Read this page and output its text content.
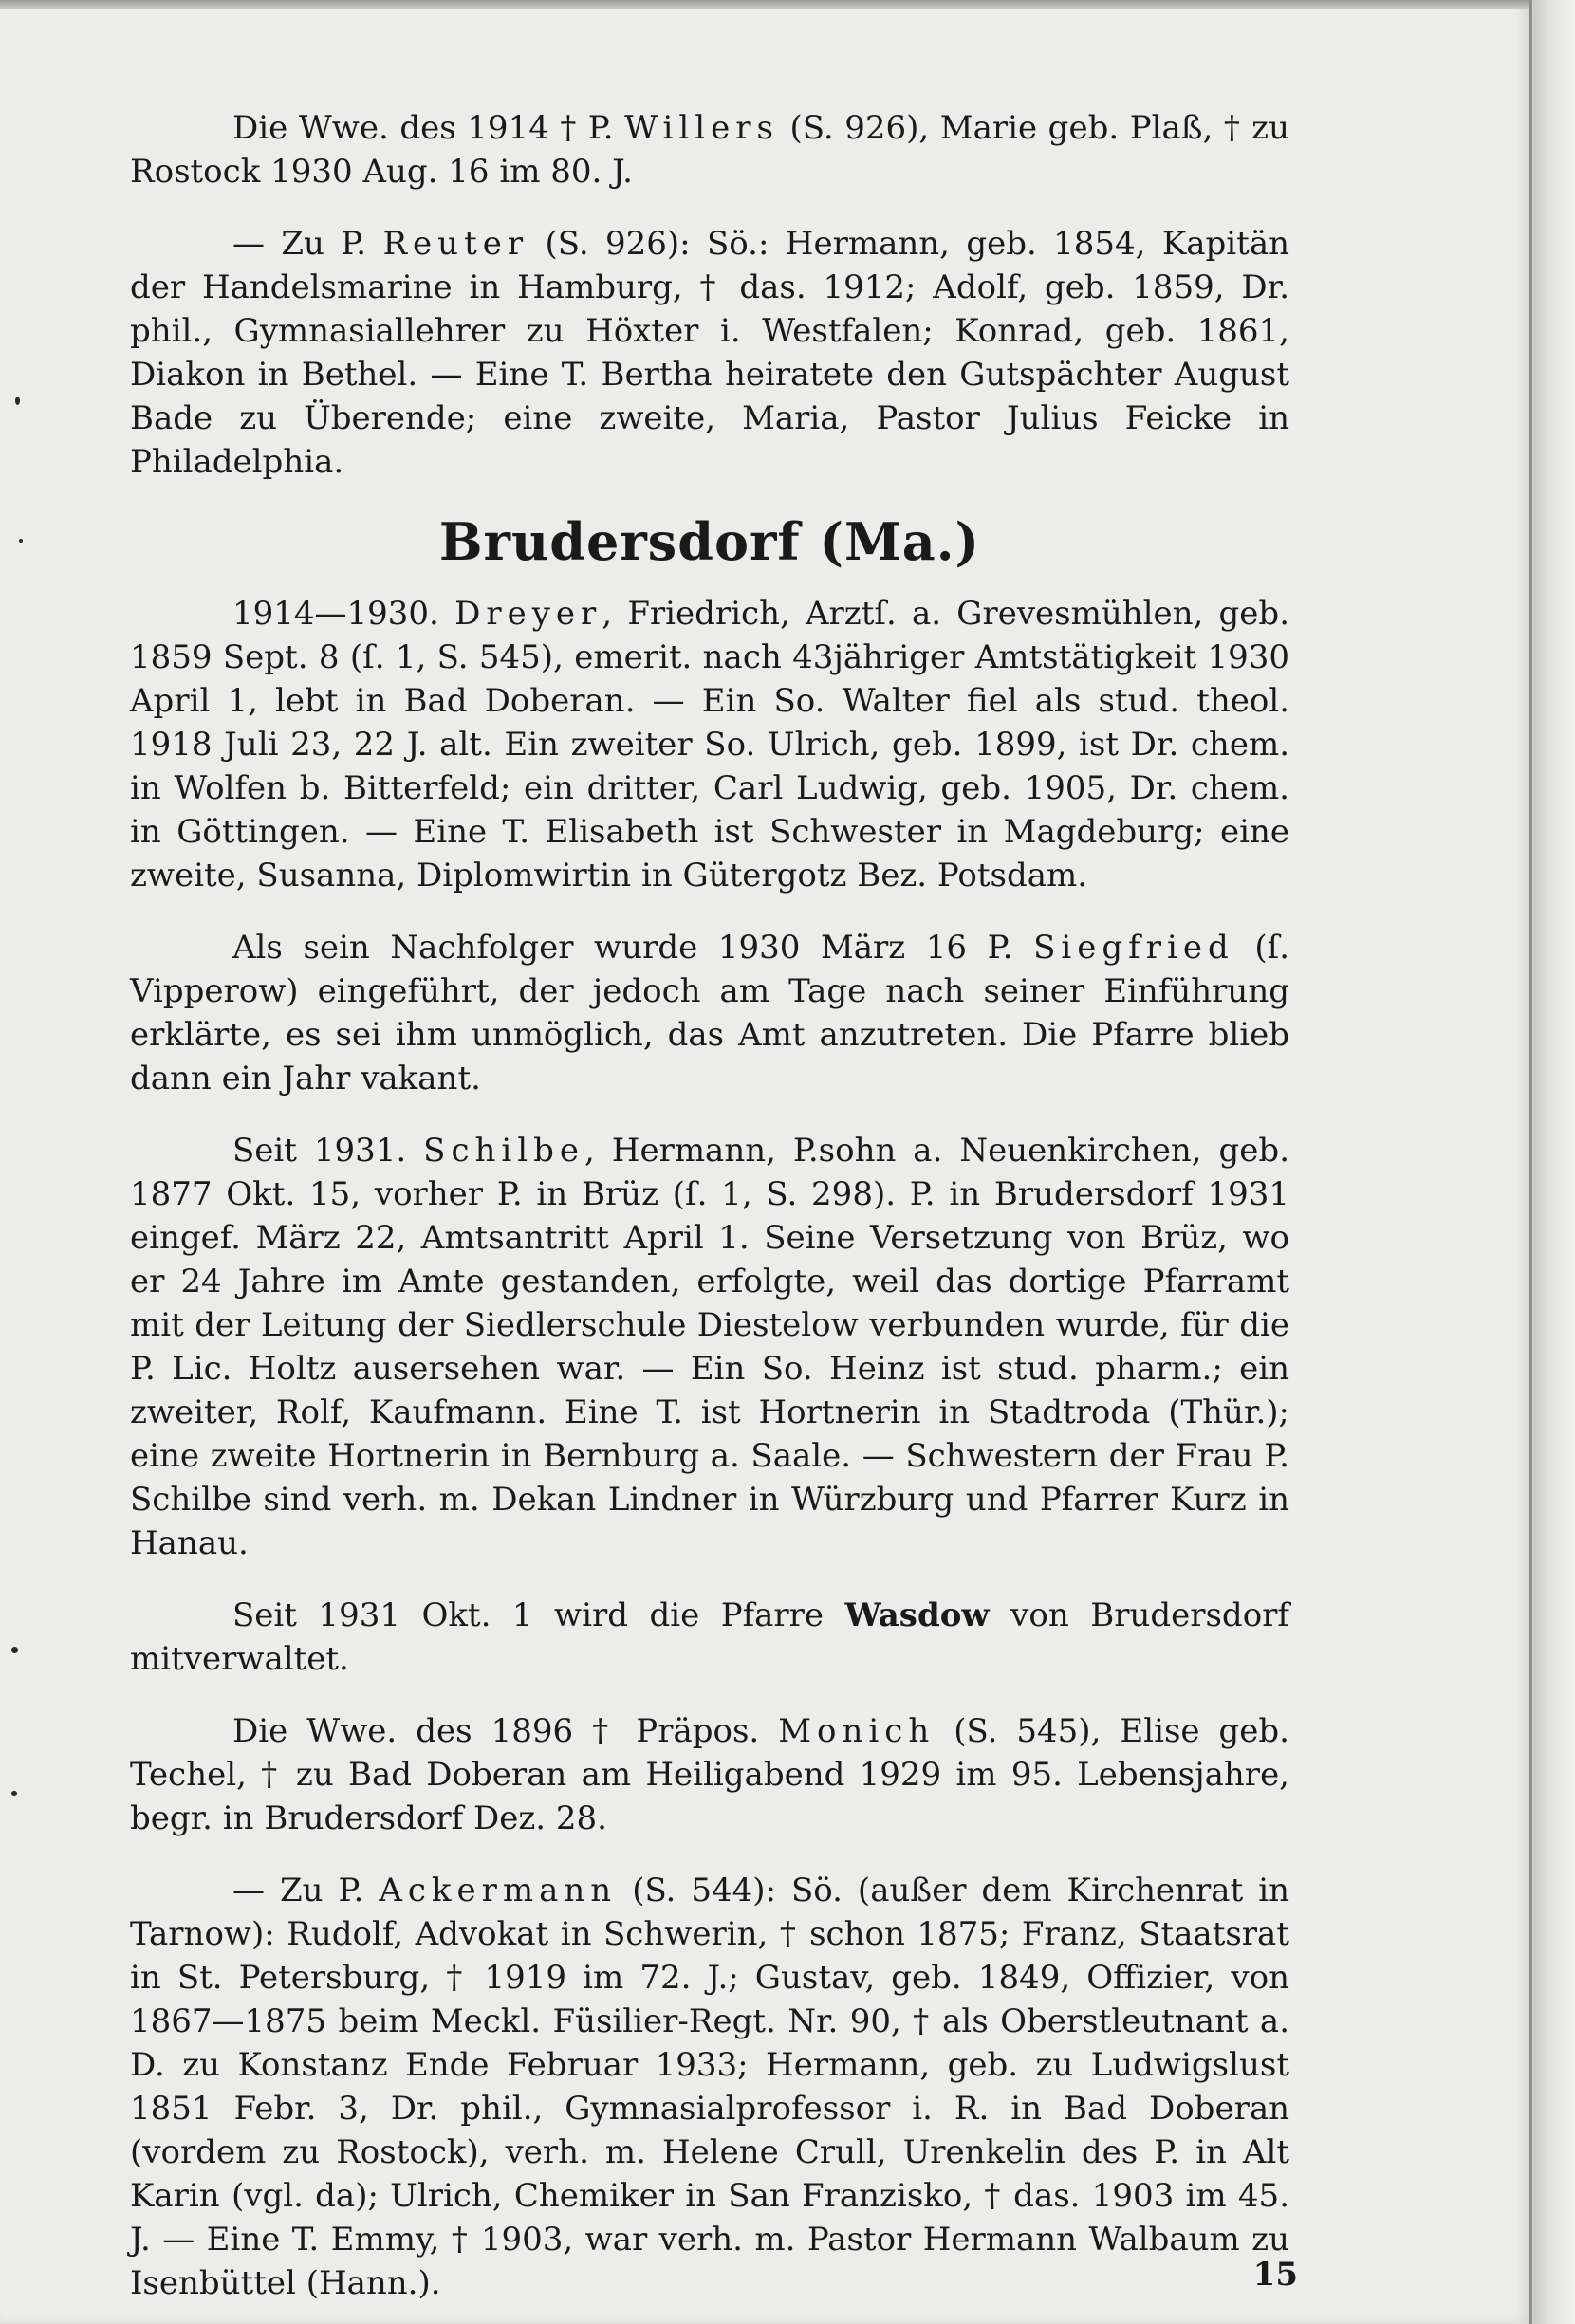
Die Wwe. des 1914 † P. Willers (S. 926), Marie geb. Plaß, † zu Rostock 1930 Aug. 16 im 80. J.

— Zu P. Reuter (S. 926): Sö.: Hermann, geb. 1854, Kapitän der Handelsmarine in Hamburg, † das. 1912; Adolf, geb. 1859, Dr. phil., Gymnasiallehrer zu Höxter i. Westfalen; Konrad, geb. 1861, Diakon in Bethel. — Eine T. Bertha heiratete den Gutspächter August Bade zu Überende; eine zweite, Maria, Pastor Julius Feicke in Philadelphia.

Brudersdorf (Ma.)

1914—1930. Dreyer, Friedrich, Arztſ. a. Grevesmühlen, geb. 1859 Sept. 8 (ſ. 1, S. 545), emerit. nach 43jähriger Amtstätigkeit 1930 April 1, lebt in Bad Doberan. — Ein So. Walter fiel als stud. theol. 1918 Juli 23, 22 J. alt. Ein zweiter So. Ulrich, geb. 1899, ist Dr. chem. in Wolfen b. Bitterfeld; ein dritter, Carl Ludwig, geb. 1905, Dr. chem. in Göttingen. — Eine T. Elisabeth ist Schwester in Magdeburg; eine zweite, Susanna, Diplomwirtin in Gütergotz Bez. Potsdam.

Als sein Nachfolger wurde 1930 März 16 P. Siegfried (ſ. Vipperow) eingeführt, der jedoch am Tage nach seiner Einführung erklärte, es sei ihm unmöglich, das Amt anzutreten. Die Pfarre blieb dann ein Jahr vakant.

Seit 1931. Schilbe, Hermann, P.sohn a. Neuenkirchen, geb. 1877 Okt. 15, vorher P. in Brüz (ſ. 1, S. 298). P. in Brudersdorf 1931 eingef. März 22, Amtsantritt April 1. Seine Versetzung von Brüz, wo er 24 Jahre im Amte gestanden, erfolgte, weil das dortige Pfarramt mit der Leitung der Siedlerschule Diestelow verbunden wurde, für die P. Lic. Holtz ausersehen war. — Ein So. Heinz ist stud. pharm.; ein zweiter, Rolf, Kaufmann. Eine T. ist Hortnerin in Stadtroda (Thür.); eine zweite Hortnerin in Bernburg a. Saale. — Schwestern der Frau P. Schilbe sind verh. m. Dekan Lindner in Würzburg und Pfarrer Kurz in Hanau.

Seit 1931 Okt. 1 wird die Pfarre Wasdow von Brudersdorf mitverwaltet.

Die Wwe. des 1896 † Präpos. Monich (S. 545), Elise geb. Techel, † zu Bad Doberan am Heiligabend 1929 im 95. Lebensjahre, begr. in Brudersdorf Dez. 28.

— Zu P. Ackermann (S. 544): Sö. (außer dem Kirchenrat in Tarnow): Rudolf, Advokat in Schwerin, † schon 1875; Franz, Staatsrat in St. Petersburg, † 1919 im 72. J.; Gustav, geb. 1849, Offizier, von 1867—1875 beim Meckl. Füsilier-Regt. Nr. 90, † als Oberstleutnant a. D. zu Konstanz Ende Februar 1933; Hermann, geb. zu Ludwigslust 1851 Febr. 3, Dr. phil., Gymnasialprofessor i. R. in Bad Doberan (vordem zu Rostock), verh. m. Helene Crull, Urenkelin des P. in Alt Karin (vgl. da); Ulrich, Chemiker in San Franzisko, † das. 1903 im 45. J. — Eine T. Emmy, † 1903, war verh. m. Pastor Hermann Walbaum zu Isenbüttel (Hann.).	15
